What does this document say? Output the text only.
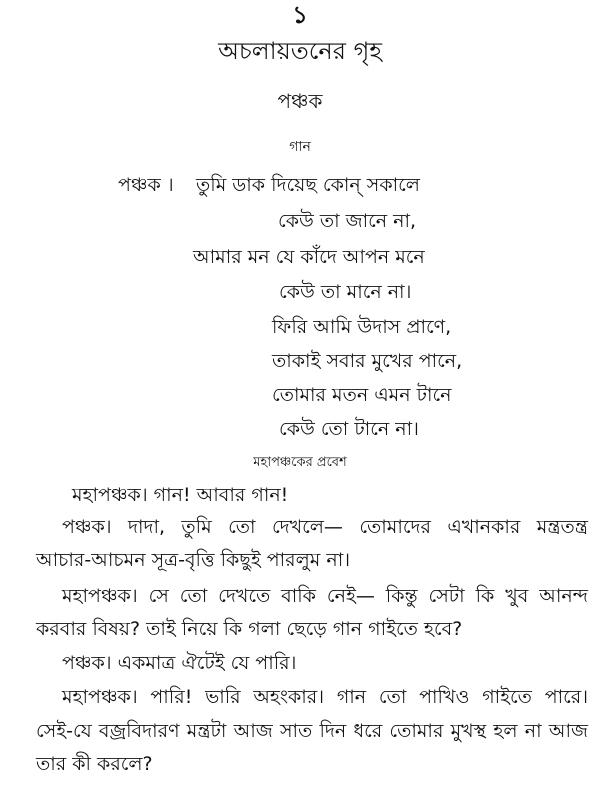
১
অচলায়তনের গৃহ
পঞ্চক
গান
পঞ্চক । তুমি ডাক দিয়েছ কোন্ সকালে
কেউ তা জানে না,
আমার মন যে কাঁদে আপন মনে
কেউ তা মানে না।
ফিরি আমি উদাস প্রাণে,
তাকাই সবার মুখের পানে,
তোমার মতন এমন টানে
কেউ তো টানে না।
মহাপঞ্চকের প্রবেশ
মহাপঞ্চক। গান! আবার গান!
পঞ্চক। দাদা, তুমি তো দেখলে— তোমাদের এখানকার মন্ত্রতন্ত্র
আচার-আচমন সূত্র-বৃত্তি কিছুই পারলুম না।
মহাপঞ্চক। সে তো দেখতে বাকি নেই— কিন্তু সেটা কি খুব আনন্দ
করবার বিষয়? তাই নিয়ে কি গলা ছেড়ে গান গাইতে হবে?
পঞ্চক। একমাত্র ঐটেই যে পারি।
মহাপঞ্চক। পারি! ভারি অহংকার। গান তো পাখিও গাইতে পারে।
সেই-যে বজ্রবিদারণ মন্ত্রটা আজ সাত দিন ধরে তোমার মুখস্থ হল না আজ
তার কী করলে?
